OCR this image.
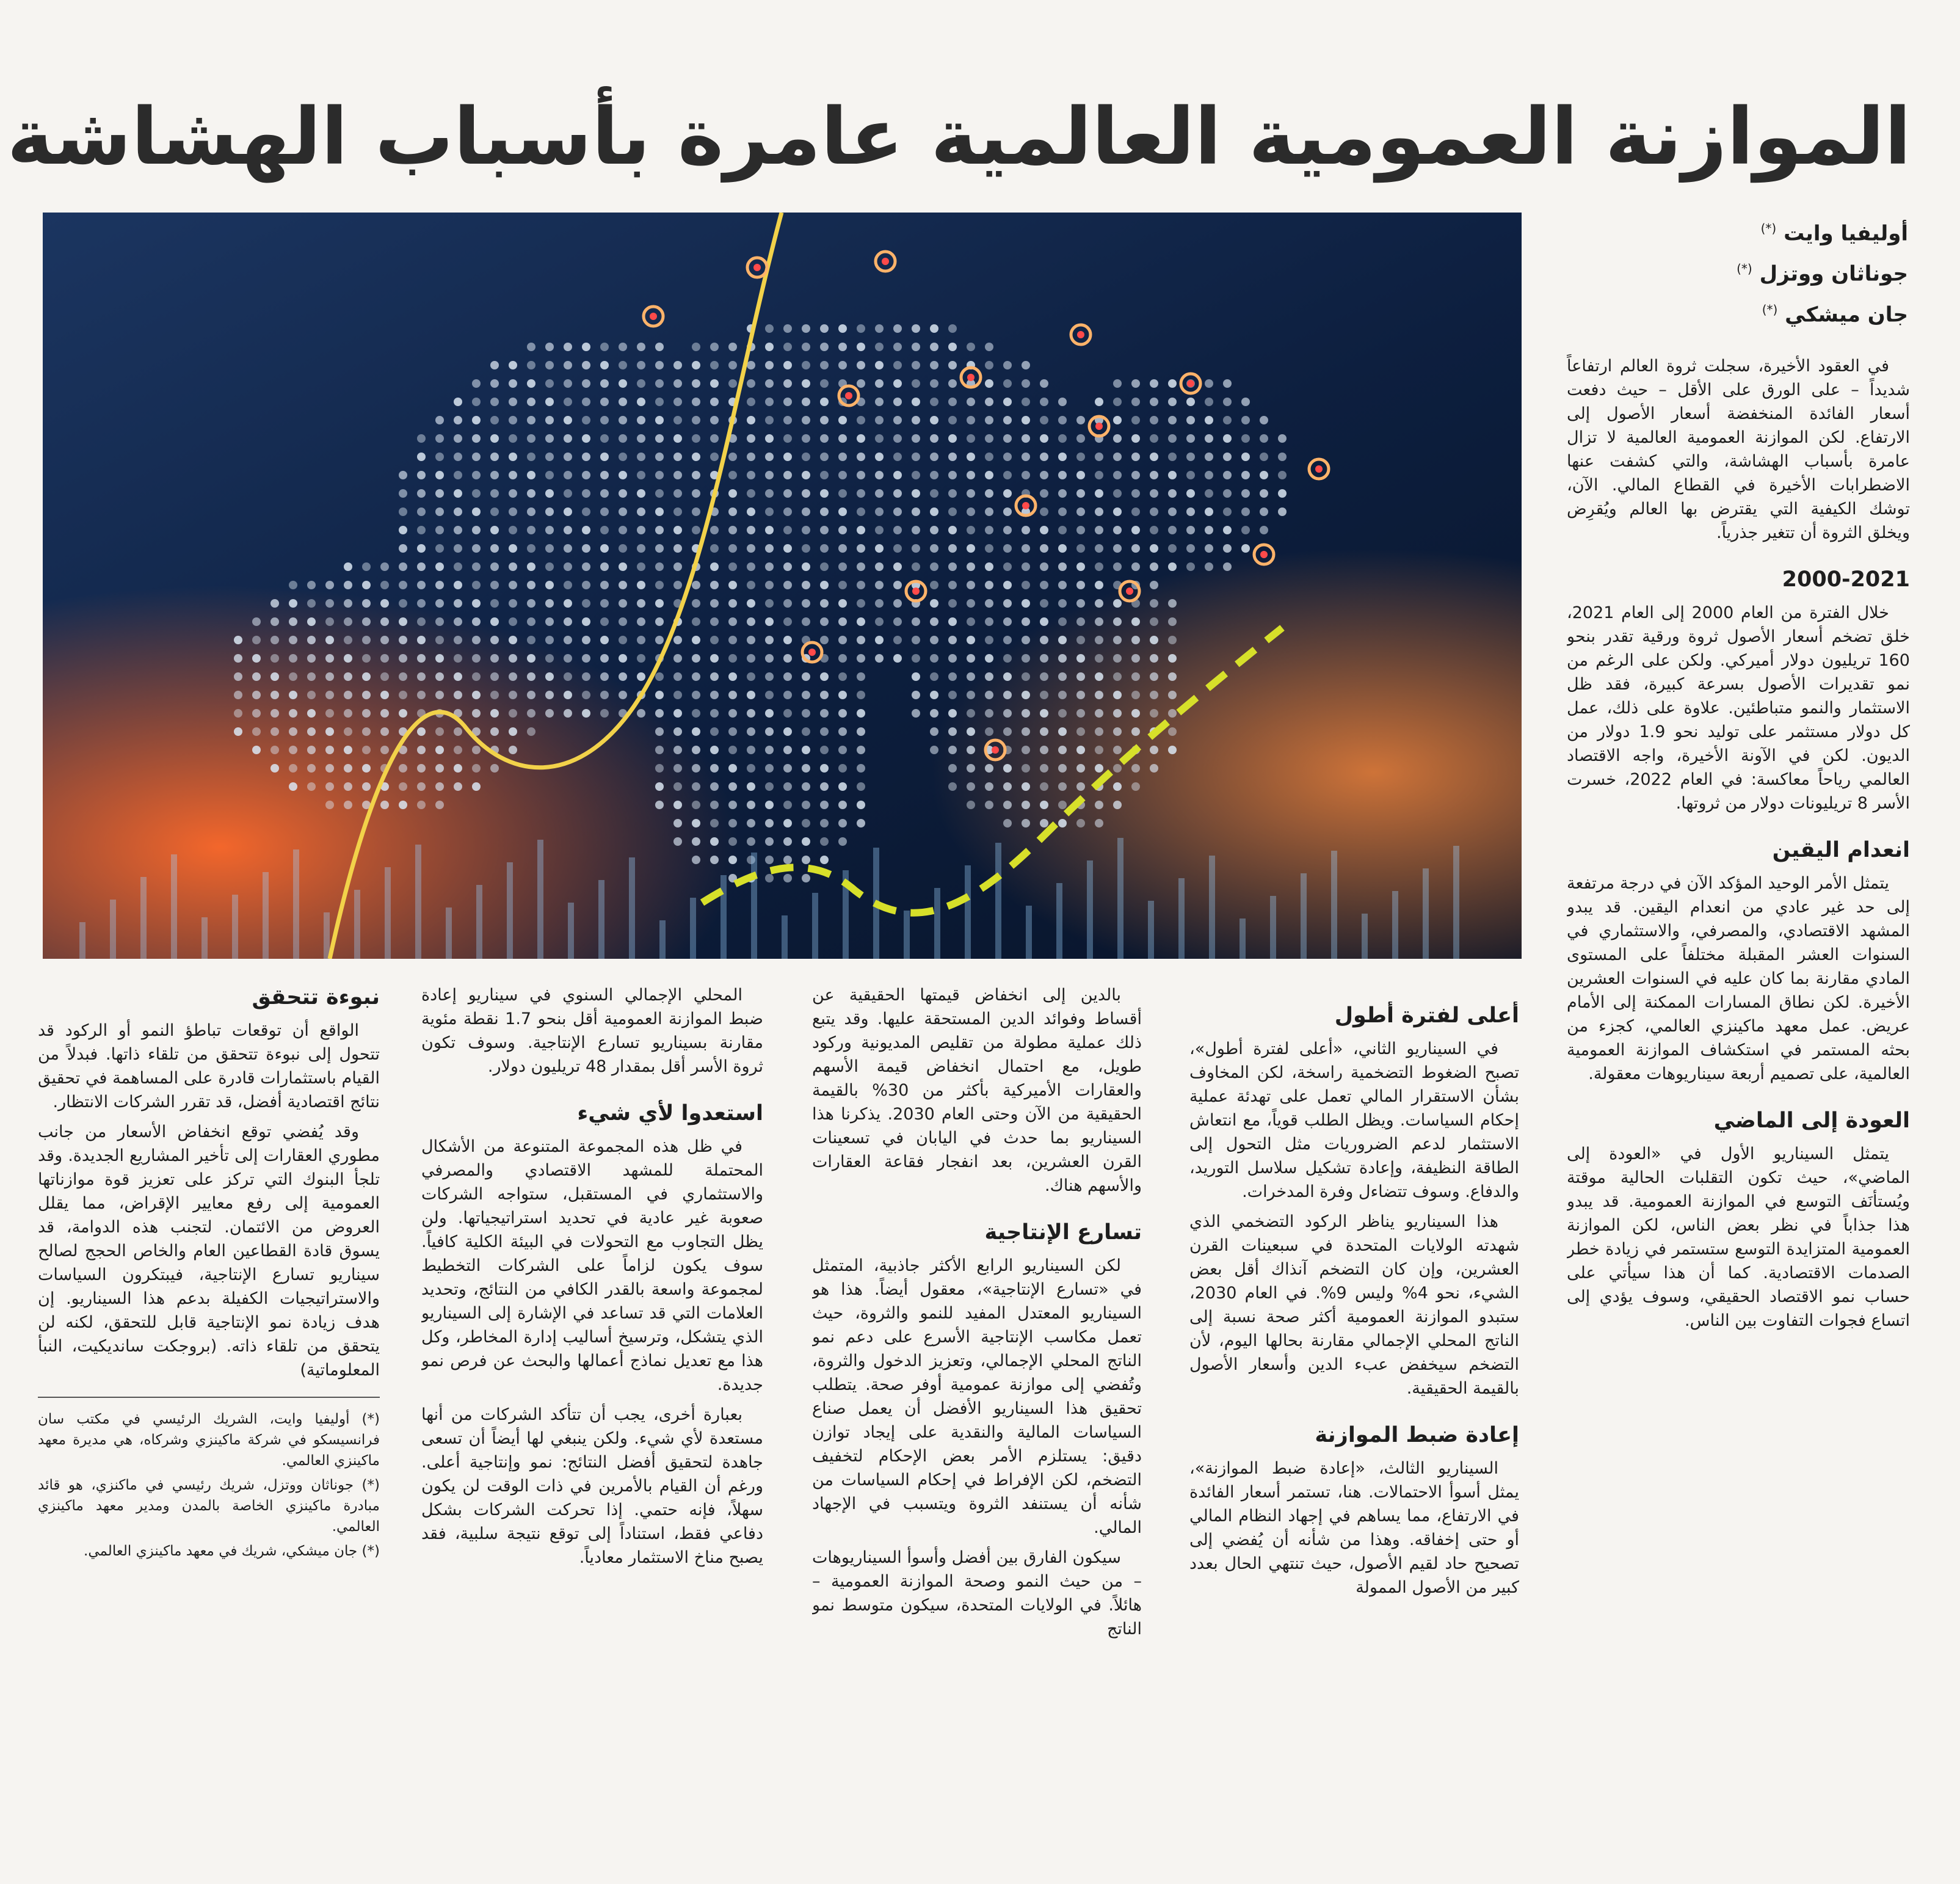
الموازنة العمومية العالمية عامرة بأسباب الهشاشة

في العقود الأخيرة، سجلت ثروة العالم ارتفاعاً شديداً – على الورق على الأقل – حيث دفعت أسعار الفائدة المنخفضة أسعار الأصول إلى الارتفاع. لكن الموازنة العمومية العالمية لا تزال عامرة بأسباب الهشاشة، والتي كشفت عنها الاضطرابات الأخيرة في القطاع المالي. الآن، توشك الكيفية التي يقترض بها العالم ويُقرِض ويخلق الثروة أن تتغير جذرياً.

2000-2021

خلال الفترة من العام 2000 إلى العام 2021، خلق تضخم أسعار الأصول ثروة ورقية تقدر بنحو 160 تريليون دولار أميركي. ولكن على الرغم من نمو تقديرات الأصول بسرعة كبيرة، فقد ظل الاستثمار والنمو متباطئين. علاوة على ذلك، عمل كل دولار مستثمر على توليد نحو 1.9 دولار من الديون. لكن في الآونة الأخيرة، واجه الاقتصاد العالمي رياحاً معاكسة: في العام 2022، خسرت الأسر 8 تريليونات دولار من ثروتها.

انعدام اليقين

يتمثل الأمر الوحيد المؤكد الآن في درجة مرتفعة إلى حد غير عادي من انعدام اليقين. قد يبدو المشهد الاقتصادي، والمصرفي، والاستثماري في السنوات العشر المقبلة مختلفاً على المستوى المادي مقارنة بما كان عليه في السنوات العشرين الأخيرة. لكن نطاق المسارات الممكنة إلى الأمام عريض. عمل معهد ماكينزي العالمي، كجزء من بحثه المستمر في استكشاف الموازنة العمومية العالمية، على تصميم أربعة سيناريوهات معقولة.

العودة إلى الماضي

يتمثل السيناريو الأول في «العودة إلى الماضي»، حيث تكون التقلبات الحالية موقتة ويُستأنَف التوسع في الموازنة العمومية. قد يبدو هذا جذاباً في نظر بعض الناس، لكن الموازنة العمومية المتزايدة التوسع ستستمر في زيادة خطر الصدمات الاقتصادية. كما أن هذا سيأتي على حساب نمو الاقتصاد الحقيقي، وسوف يؤدي إلى اتساع فجوات التفاوت بين الناس.

أوليفيا وايت (*)
جوناثان ووتزل (*)
جان ميشكي (*)
أعلى لفترة أطول

في السيناريو الثاني، «أعلى لفترة أطول»، تصبح الضغوط التضخمية راسخة، لكن المخاوف بشأن الاستقرار المالي تعمل على تهدئة عملية إحكام السياسات. ويظل الطلب قوياً، مع انتعاش الاستثمار لدعم الضروريات مثل التحول إلى الطاقة النظيفة، وإعادة تشكيل سلاسل التوريد، والدفاع. وسوف تتضاءل وفرة المدخرات.

هذا السيناريو يناظر الركود التضخمي الذي شهدته الولايات المتحدة في سبعينات القرن العشرين، وإن كان التضخم آنذاك أقل بعض الشيء، نحو 4% وليس 9%. في العام 2030، ستبدو الموازنة العمومية أكثر صحة نسبة إلى الناتج المحلي الإجمالي مقارنة بحالها اليوم، لأن التضخم سيخفض عبء الدين وأسعار الأصول بالقيمة الحقيقية.

إعادة ضبط الموازنة

السيناريو الثالث، «إعادة ضبط الموازنة»، يمثل أسوأ الاحتمالات. هنا، تستمر أسعار الفائدة في الارتفاع، مما يساهم في إجهاد النظام المالي أو حتى إخفاقه. وهذا من شأنه أن يُفضي إلى تصحيح حاد لقيم الأصول، حيث تنتهي الحال بعدد كبير من الأصول الممولة

بالدين إلى انخفاض قيمتها الحقيقية عن أقساط وفوائد الدين المستحقة عليها. وقد يتبع ذلك عملية مطولة من تقليص المديونية وركود طويل، مع احتمال انخفاض قيمة الأسهم والعقارات الأميركية بأكثر من 30% بالقيمة الحقيقية من الآن وحتى العام 2030. يذكرنا هذا السيناريو بما حدث في اليابان في تسعينات القرن العشرين، بعد انفجار فقاعة العقارات والأسهم هناك.

تسارع الإنتاجية

لكن السيناريو الرابع الأكثر جاذبية، المتمثل في «تسارع الإنتاجية»، معقول أيضاً. هذا هو السيناريو المعتدل المفيد للنمو والثروة، حيث تعمل مكاسب الإنتاجية الأسرع على دعم نمو الناتج المحلي الإجمالي، وتعزيز الدخول والثروة، وتُفضي إلى موازنة عمومية أوفر صحة. يتطلب تحقيق هذا السيناريو الأفضل أن يعمل صناع السياسات المالية والنقدية على إيجاد توازن دقيق: يستلزم الأمر بعض الإحكام لتخفيف التضخم، لكن الإفراط في إحكام السياسات من شأنه أن يستنفد الثروة ويتسبب في الإجهاد المالي.

سيكون الفارق بين أفضل وأسوأ السيناريوهات – من حيث النمو وصحة الموازنة العمومية – هائلاً. في الولايات المتحدة، سيكون متوسط نمو الناتج

المحلي الإجمالي السنوي في سيناريو إعادة ضبط الموازنة العمومية أقل بنحو 1.7 نقطة مئوية مقارنة بسيناريو تسارع الإنتاجية. وسوف تكون ثروة الأسر أقل بمقدار 48 تريليون دولار.

استعدوا لأي شيء

في ظل هذه المجموعة المتنوعة من الأشكال المحتملة للمشهد الاقتصادي والمصرفي والاستثماري في المستقبل، ستواجه الشركات صعوبة غير عادية في تحديد استراتيجياتها. ولن يظل التجاوب مع التحولات في البيئة الكلية كافياً. سوف يكون لزاماً على الشركات التخطيط لمجموعة واسعة بالقدر الكافي من النتائج، وتحديد العلامات التي قد تساعد في الإشارة إلى السيناريو الذي يتشكل، وترسيخ أساليب إدارة المخاطر، وكل هذا مع تعديل نماذج أعمالها والبحث عن فرص نمو جديدة.

بعبارة أخرى، يجب أن تتأكد الشركات من أنها مستعدة لأي شيء. ولكن ينبغي لها أيضاً أن تسعى جاهدة لتحقيق أفضل النتائج: نمو وإنتاجية أعلى. ورغم أن القيام بالأمرين في ذات الوقت لن يكون سهلاً، فإنه حتمي. إذا تحركت الشركات بشكل دفاعي فقط، استناداً إلى توقع نتيجة سلبية، فقد يصبح مناخ الاستثمار معادياً.

نبوءة تتحقق

الواقع أن توقعات تباطؤ النمو أو الركود قد تتحول إلى نبوءة تتحقق من تلقاء ذاتها. فبدلاً من القيام باستثمارات قادرة على المساهمة في تحقيق نتائج اقتصادية أفضل، قد تقرر الشركات الانتظار.

وقد يُفضي توقع انخفاض الأسعار من جانب مطوري العقارات إلى تأخير المشاريع الجديدة. وقد تلجأ البنوك التي تركز على تعزيز قوة موازناتها العمومية إلى رفع معايير الإقراض، مما يقلل العروض من الائتمان. لتجنب هذه الدوامة، قد يسوق قادة القطاعين العام والخاص الحجج لصالح سيناريو تسارع الإنتاجية، فيبتكرون السياسات والاستراتيجيات الكفيلة بدعم هذا السيناريو. إن هدف زيادة نمو الإنتاجية قابل للتحقق، لكنه لن يتحقق من تلقاء ذاته. (بروجكت سانديكيت، النبأ المعلوماتية)

(*) أوليفيا وايت، الشريك الرئيسي في مكتب سان فرانسيسكو في شركة ماكينزي وشركاه، هي مديرة معهد ماكينزي العالمي.

(*) جوناثان ووتزل، شريك رئيسي في ماكنزي، هو قائد مبادرة ماكينزي الخاصة بالمدن ومدير معهد ماكينزي العالمي.

(*) جان ميشكي، شريك في معهد ماكينزي العالمي.
